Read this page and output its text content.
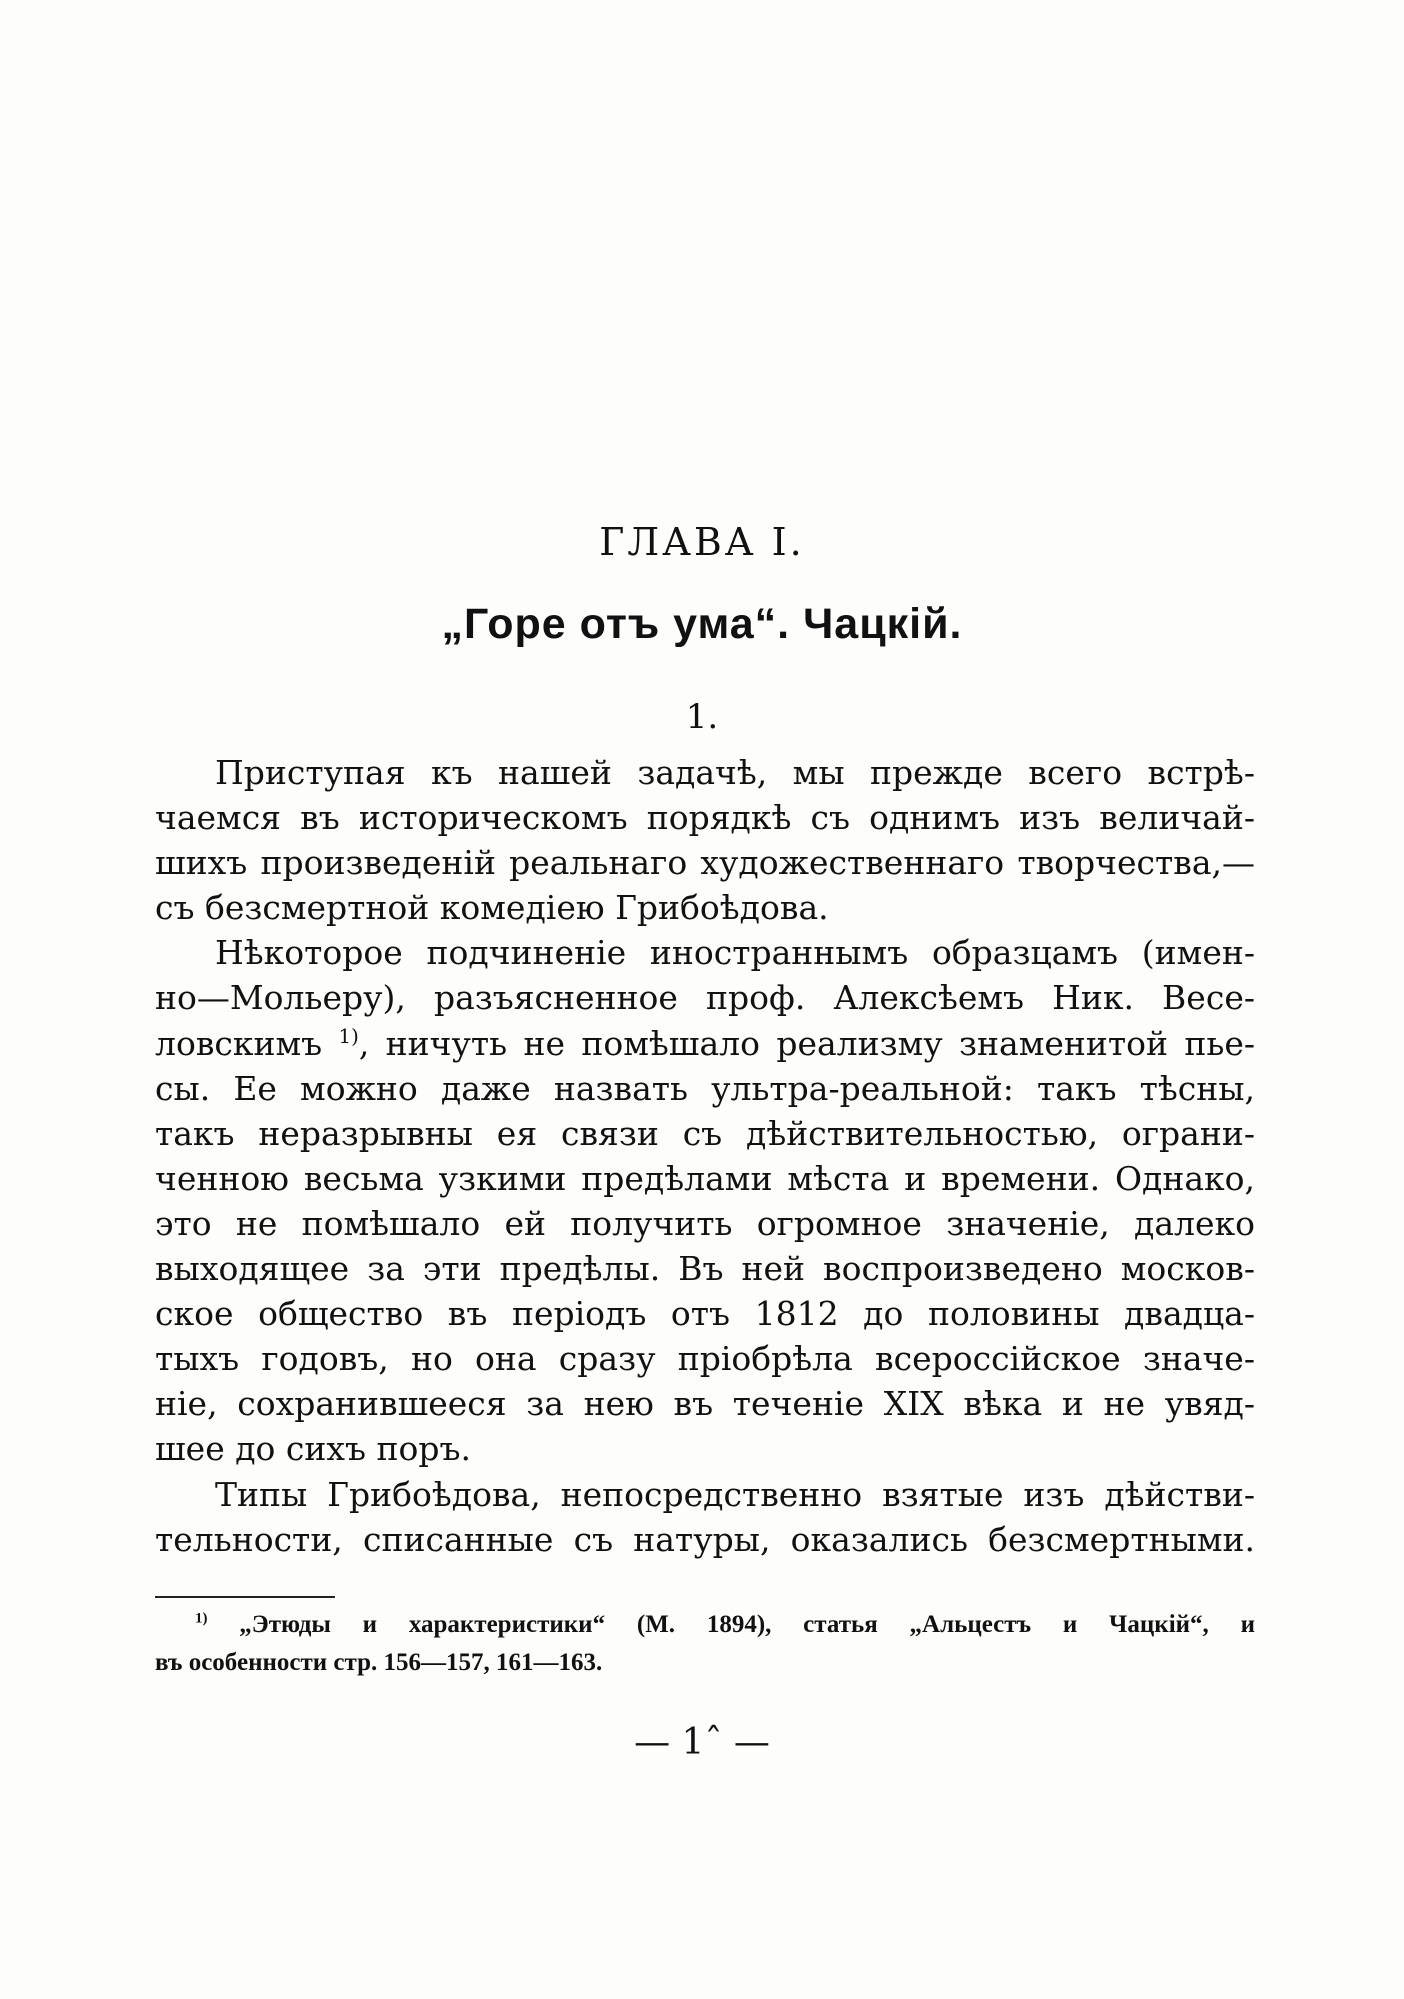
ГЛАВА I.
„Горе отъ ума“. Чацкій.
1.
Приступая къ нашей задачѣ, мы прежде всего встрѣ-
чаемся въ историческомъ порядкѣ съ однимъ изъ величай-
шихъ произведеній реальнаго художественнаго творчества,—
съ безсмертной комедіею Грибоѣдова.
Нѣкоторое подчиненіе иностраннымъ образцамъ (имен-
но—Мольеру), разъясненное проф. Алексѣемъ Ник. Весе-
ловскимъ $^{1)}$, ничуть не помѣшало реализму знаменитой пье-
сы. Ее можно даже назвать ультра-реальной: такъ тѣсны,
такъ неразрывны ея связи съ дѣйствительностью, ограни-
ченною весьма узкими предѣлами мѣста и времени. Однако,
это не помѣшало ей получить огромное значеніе, далеко
выходящее за эти предѣлы. Въ ней воспроизведено москов-
ское общество въ періодъ отъ 1812 до половины двадца-
тыхъ годовъ, но она сразу пріобрѣла всероссійское значе-
ніе, сохранившееся за нею въ теченіе XIX вѣка и не увяд-
шее до сихъ поръ.
Типы Грибоѣдова, непосредственно взятые изъ дѣйстви-
тельности, списанные съ натуры, оказались безсмертными.
$^{1)}$ „Этюды и характеристики“ (М. 1894), статья „Альцестъ и Чацкій“, и
въ особенности стр. 156—157, 161—163.
— 1ˆ —
